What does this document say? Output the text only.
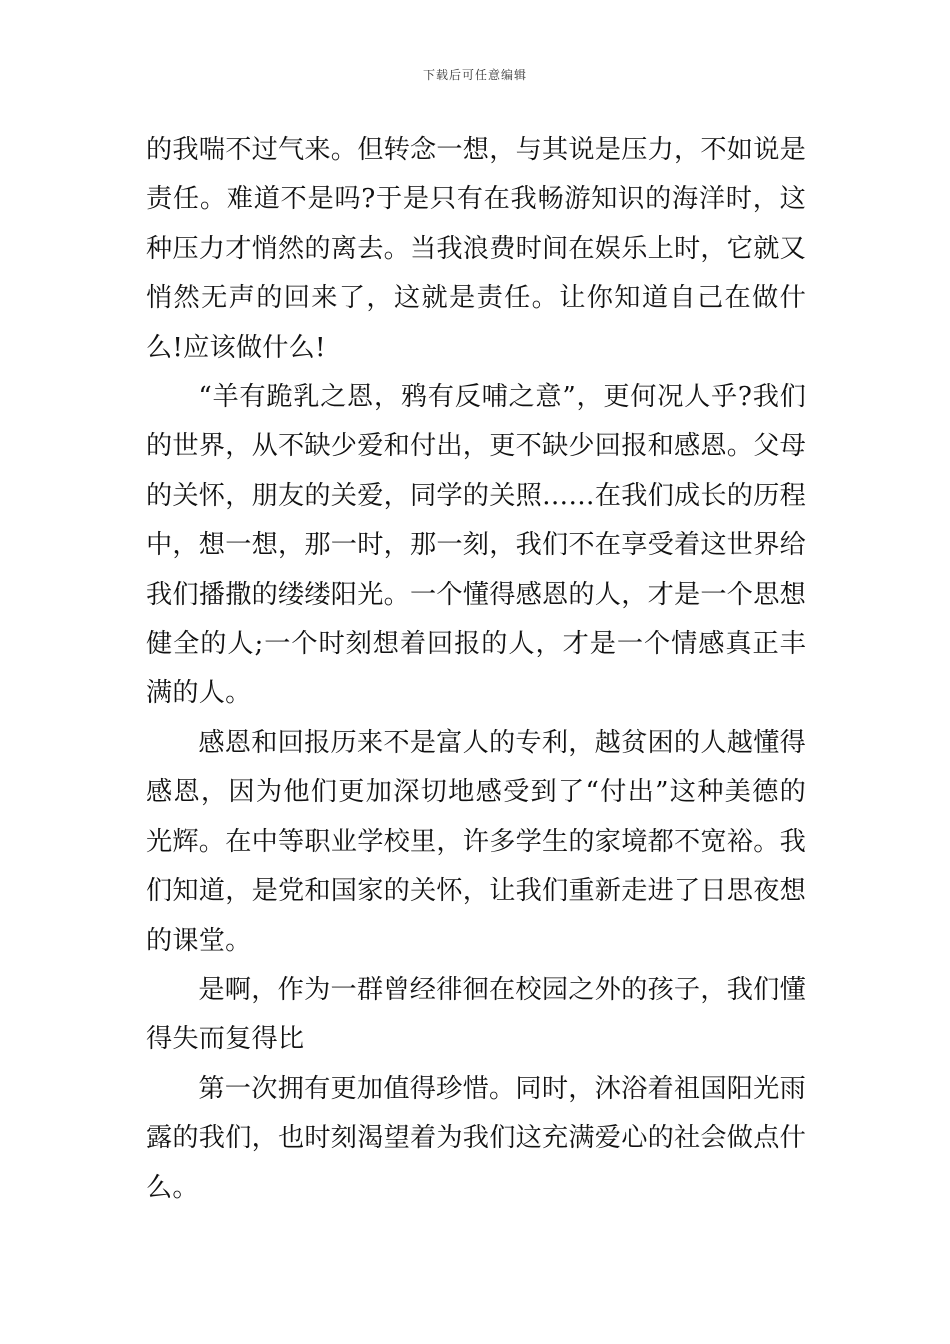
下载后可任意编辑

的我喘不过气来。但转念一想，与其说是压力，不如说是责任。难道不是吗?于是只有在我畅游知识的海洋时，这种压力才悄然的离去。当我浪费时间在娱乐上时，它就又悄然无声的回来了，这就是责任。让你知道自己在做什么!应该做什么!

“羊有跪乳之恩，鸦有反哺之意”，更何况人乎?我们的世界，从不缺少爱和付出，更不缺少回报和感恩。父母的关怀，朋友的关爱，同学的关照……在我们成长的历程中，想一想，那一时，那一刻，我们不在享受着这世界给我们播撒的缕缕阳光。一个懂得感恩的人，才是一个思想健全的人;一个时刻想着回报的人，才是一个情感真正丰满的人。

感恩和回报历来不是富人的专利，越贫困的人越懂得感恩，因为他们更加深切地感受到了“付出”这种美德的光辉。在中等职业学校里，许多学生的家境都不宽裕。我们知道，是党和国家的关怀，让我们重新走进了日思夜想的课堂。

是啊，作为一群曾经徘徊在校园之外的孩子，我们懂得失而复得比

第一次拥有更加值得珍惜。同时，沐浴着祖国阳光雨露的我们，也时刻渴望着为我们这充满爱心的社会做点什么。
